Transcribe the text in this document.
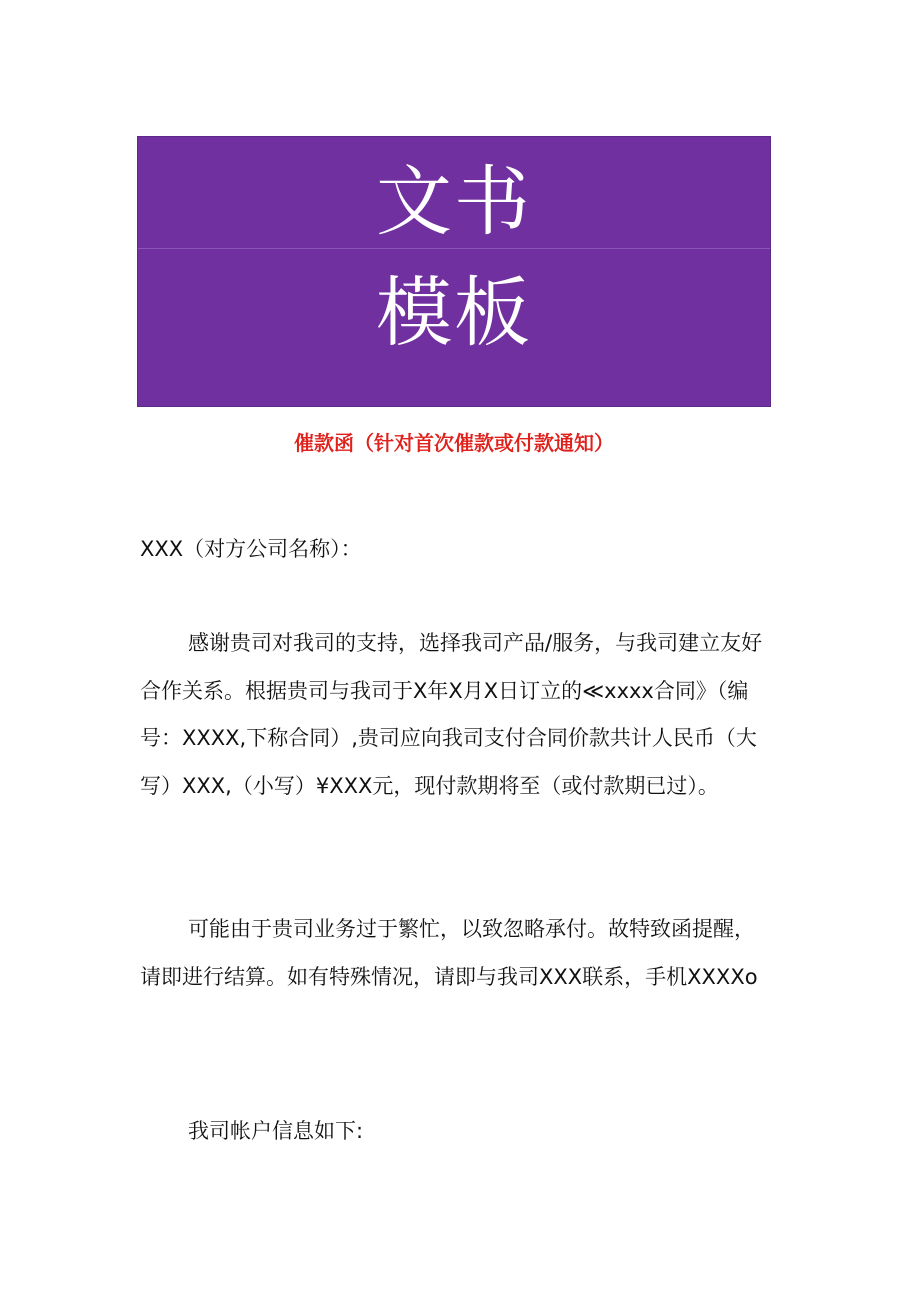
文书
模板
催款函（针对首次催款或付款通知）

XXX（对方公司名称）：

感谢贵司对我司的支持，选择我司产品/服务，与我司建立友好合作关系。根据贵司与我司于X年X月X日订立的≪xxxx合同》（编号：XXXX,下称合同）,贵司应向我司支付合同价款共计人民币（大写）XXX,（小写）¥XXX元，现付款期将至（或付款期已过）。

可能由于贵司业务过于繁忙，以致忽略承付。故特致函提醒，请即进行结算。如有特殊情况，请即与我司XXX联系，手机XXXXo

我司帐户信息如下:
